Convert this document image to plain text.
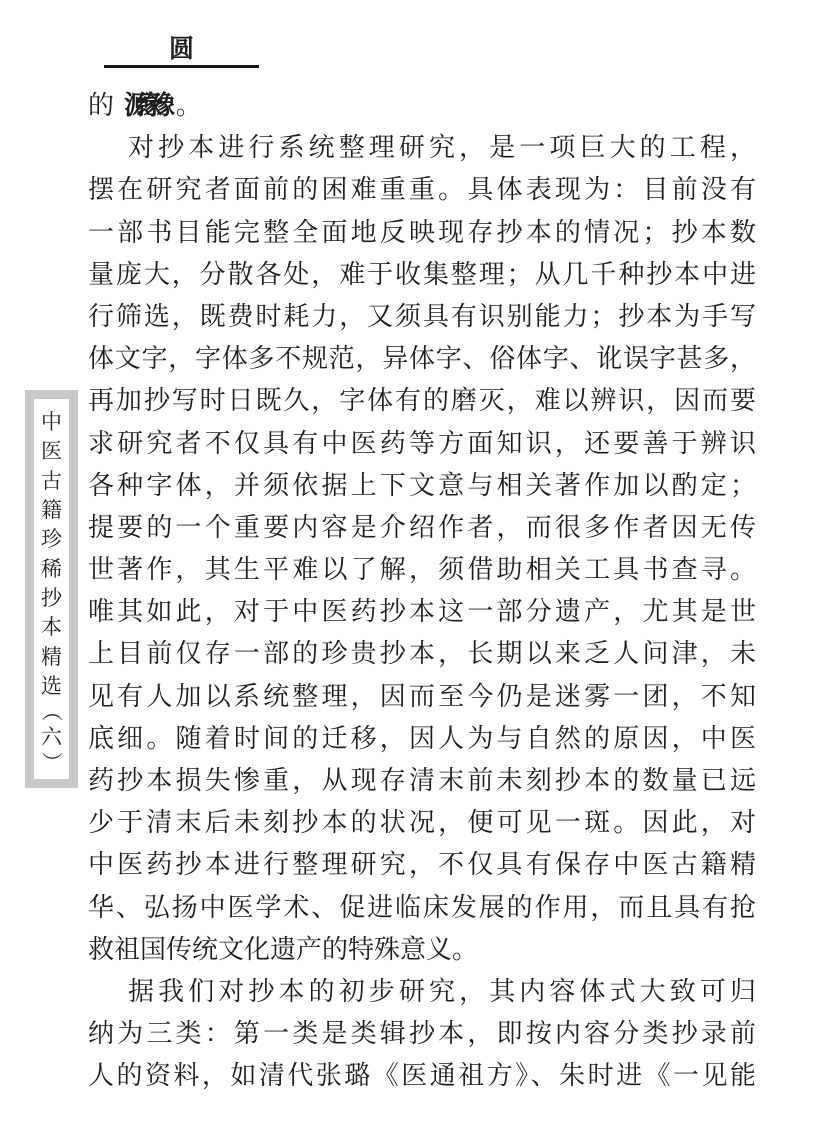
圆
的 源缘豫 。
对抄本进行系统整理研究，是一项巨大的工程，
摆在研究者面前的困难重重。具体表现为：目前没有
一部书目能完整全面地反映现存抄本的情况；抄本数
量庞大，分散各处，难于收集整理；从几千种抄本中进
行筛选，既费时耗力，又须具有识别能力；抄本为手写
体文字，字体多不规范，异体字、俗体字、讹误字甚多，
再加抄写时日既久，字体有的磨灭，难以辨识，因而要
求研究者不仅具有中医药等方面知识，还要善于辨识
各种字体，并须依据上下文意与相关著作加以酌定；
提要的一个重要内容是介绍作者，而很多作者因无传
世著作，其生平难以了解，须借助相关工具书查寻。
唯其如此，对于中医药抄本这一部分遗产，尤其是世
上目前仅存一部的珍贵抄本，长期以来乏人问津，未
见有人加以系统整理，因而至今仍是迷雾一团，不知
底细。随着时间的迁移，因人为与自然的原因，中医
药抄本损失惨重，从现存清末前未刻抄本的数量已远
少于清末后未刻抄本的状况，便可见一斑。因此，对
中医药抄本进行整理研究，不仅具有保存中医古籍精
华、弘扬中医学术、促进临床发展的作用，而且具有抢
救祖国传统文化遗产的特殊意义。
据我们对抄本的初步研究，其内容体式大致可归
纳为三类：第一类是类辑抄本，即按内容分类抄录前
人的资料，如清代张璐《医通祖方》、朱时进《一见能
中
医
古
籍
珍
稀
抄
本
精
选
（
六
）
